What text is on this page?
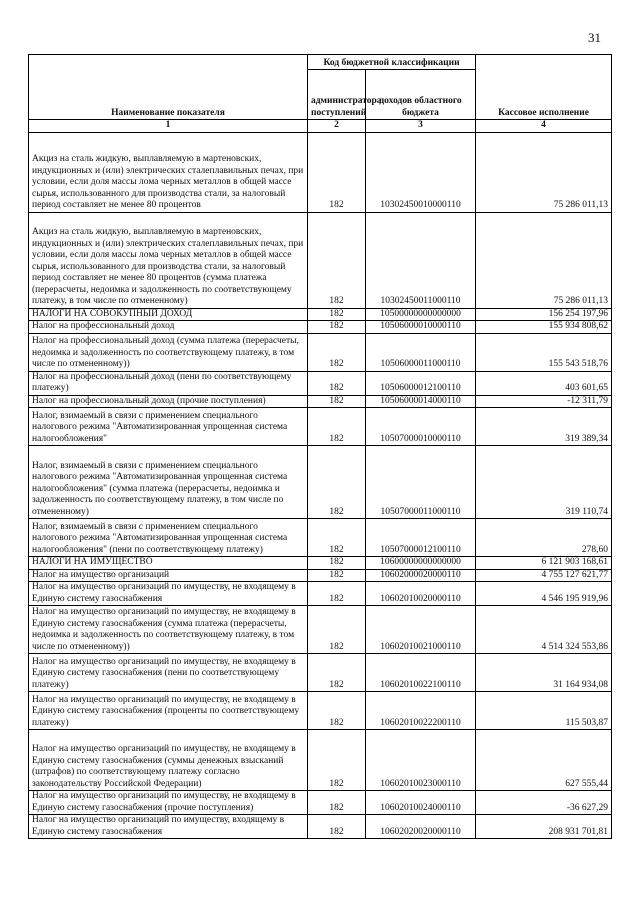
31
Наименование показателя	Код бюджетной классификации		Кассовое исполнение
	администратора поступлений	доходов областного бюджета	
1	2	3	4
Акциз на сталь жидкую, выплавляемую в мартеновских, индукционных и (или) электрических сталеплавильных печах, при условии, если доля массы лома черных металлов в общей массе сырья, использованного для производства стали, за налоговый период составляет не менее 80 процентов	182	10302450010000110	75 286 011,13
Акциз на сталь жидкую, выплавляемую в мартеновских, индукционных и (или) электрических сталеплавильных печах, при условии, если доля массы лома черных металлов в общей массе сырья, использованного для производства стали, за налоговый период составляет не менее 80 процентов (сумма платежа (перерасчеты, недоимка и задолженность по соответствующему платежу, в том числе по отмененному)	182	10302450011000110	75 286 011,13
НАЛОГИ НА СОВОКУПНЫЙ ДОХОД	182	10500000000000000	156 254 197,96
Налог на профессиональный доход	182	10506000010000110	155 934 808,62
Налог на профессиональный доход (сумма платежа (перерасчеты, недоимка и задолженность по соответствующему платежу, в том числе по отмененному))	182	10506000011000110	155 543 518,76
Налог на профессиональный доход (пени по соответствующему платежу)	182	10506000012100110	403 601,65
Налог на профессиональный доход (прочие поступления)	182	10506000014000110	-12 311,79
Налог, взимаемый в связи с применением специального налогового режима "Автоматизированная упрощенная система налогообложения"	182	10507000010000110	319 389,34
Налог, взимаемый в связи с применением специального налогового режима "Автоматизированная упрощенная система налогообложения" (сумма платежа (перерасчеты, недоимка и задолженность по соответствующему платежу, в том числе по отмененному)	182	10507000011000110	319 110,74
Налог, взимаемый в связи с применением специального налогового режима "Автоматизированная упрощенная система налогообложения" (пени по соответствующему платежу)	182	10507000012100110	278,60
НАЛОГИ НА ИМУЩЕСТВО	182	10600000000000000	6 121 903 168,61
Налог на имущество организаций	182	10602000020000110	4 755 127 621,77
Налог на имущество организаций по имуществу, не входящему в Единую систему газоснабжения	182	10602010020000110	4 546 195 919,96
Налог на имущество организаций по имуществу, не входящему в Единую систему газоснабжения (сумма платежа (перерасчеты, недоимка и задолженность по соответствующему платежу, в том числе по отмененному))	182	10602010021000110	4 514 324 553,86
Налог на имущество организаций по имуществу, не входящему в Единую систему газоснабжения (пени по соответствующему платежу)	182	10602010022100110	31 164 934,08
Налог на имущество организаций по имуществу, не входящему в Единую систему газоснабжения (проценты по соответствующему платежу)	182	10602010022200110	115 503,87
Налог на имущество организаций по имуществу, не входящему в Единую систему газоснабжения (суммы денежных взысканий (штрафов) по соответствующему платежу согласно законодательству Российской Федерации)	182	10602010023000110	627 555,44
Налог на имущество организаций по имуществу, не входящему в Единую систему газоснабжения (прочие поступления)	182	10602010024000110	-36 627,29
Налог на имущество организаций по имуществу, входящему в Единую систему газоснабжения	182	10602020020000110	208 931 701,81
